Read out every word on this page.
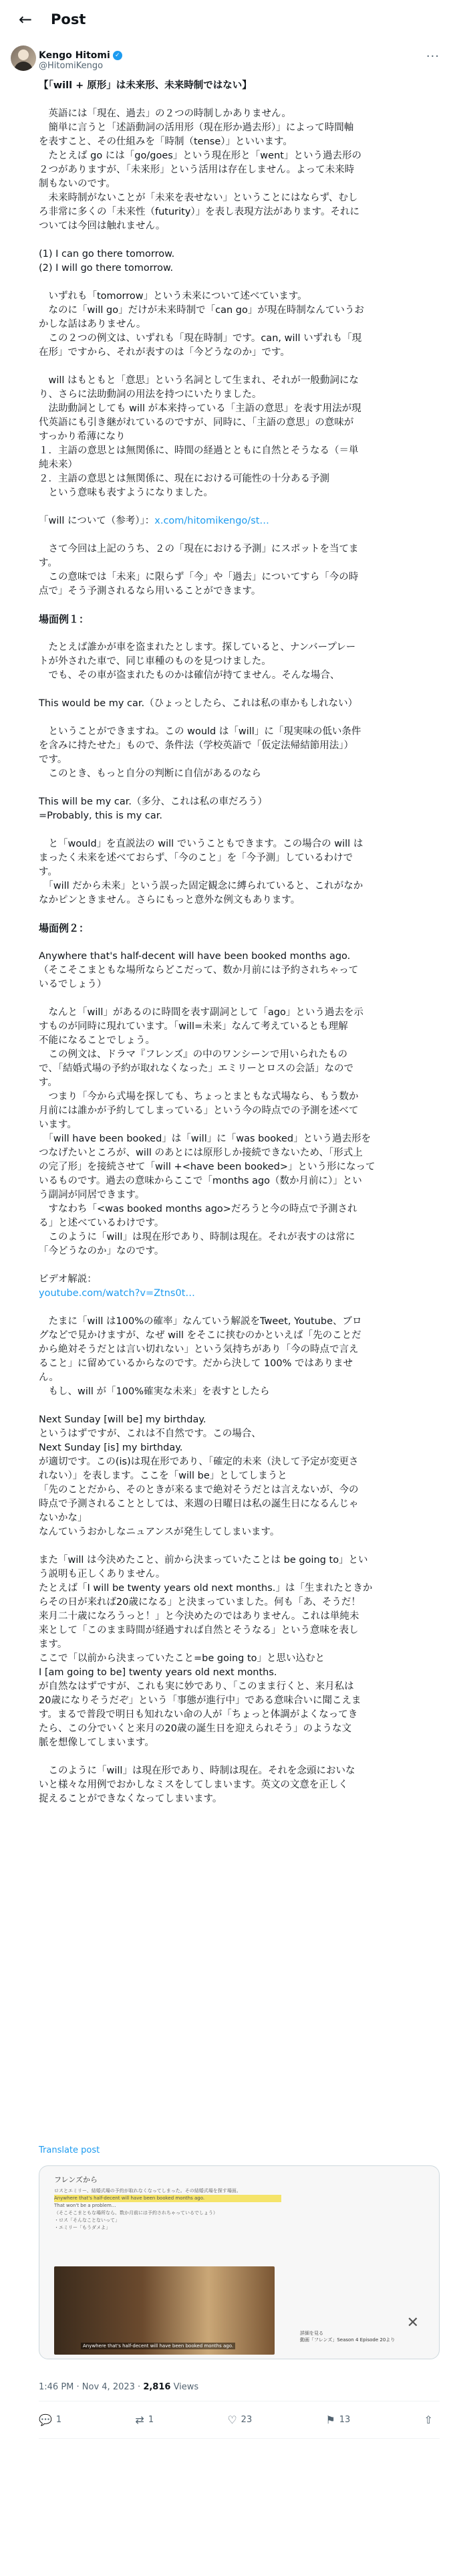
← Post
Kengo Hitomi ✓
@HitomiKengo
···
【「will + 原形」は未来形、未来時制ではない】
　英語には「現在、過去」の２つの時制しかありません。
　簡単に言うと「述語動詞の活用形（現在形か過去形）」によって時間軸
を表すこと、その仕組みを「時制（tense）」といいます。
　たとえば go には「go/goes」という現在形と「went」という過去形の
２つがありますが、「未来形」という活用は存在しません。よって未来時
制もないのです。
　未来時制がないことが「未来を表せない」ということにはならず、むし
ろ非常に多くの「未来性（futurity）」を表し表現方法があります。それに
ついては今回は触れません。
(1) I can go there tomorrow.
(2) I will go there tomorrow.
　いずれも「tomorrow」という未来について述べています。
　なのに「will go」だけが未来時制で「can go」が現在時制なんていうお
かしな話はありません。
　この２つの例文は、いずれも「現在時制」です。can, will いずれも「現
在形」ですから、それが表すのは「今どうなのか」です。
　will はもともと「意思」という名詞として生まれ、それが一般動詞にな
り、さらに法助動詞の用法を持つにいたりました。
　法助動詞としても will が本来持っている「主語の意思」を表す用法が現
代英語にも引き継がれているのですが、同時に、「主語の意思」の意味が
すっかり希薄になり
１．主語の意思とは無関係に、時間の経過とともに自然とそうなる（＝単
純未来）
２．主語の意思とは無関係に、現在における可能性の十分ある予測
　という意味も表すようになりました。
「will について（参考）」：x.com/hitomikengo/st…
　さて今回は上記のうち、２の「現在における予測」にスポットを当てま
す。
　この意味では「未来」に限らず「今」や「過去」についてすら「今の時
点で」そう予測されるなら用いることができます。
場面例１：
　たとえば誰かが車を盗まれたとします。探していると、ナンバープレー
トが外された車で、同じ車種のものを見つけました。
　でも、その車が盗まれたものかは確信が持てません。そんな場合、
This would be my car.（ひょっとしたら、これは私の車かもしれない）
　ということができますね。この would は「will」に「現実味の低い条件
を含みに持たせた」もので、条件法（学校英語で「仮定法帰結節用法」）
です。
　このとき、もっと自分の判断に自信があるのなら
This will be my car.（多分、これは私の車だろう）
=Probably, this is my car.
　と「would」を直説法の will でいうこともできます。この場合の will は
まったく未来を述べておらず、「今のこと」を「今予測」しているわけで
す。
　「will だから未来」という誤った固定観念に縛られていると、これがなか
なかピンときません。さらにもっと意外な例文もあります。
場面例２：
Anywhere that's half-decent will have been booked months ago.
（そこそこまともな場所ならどこだって、数か月前には予約されちゃって
いるでしょう）
　なんと「will」があるのに時間を表す副詞として「ago」という過去を示
すものが同時に現れています。「will=未来」なんて考えているとも理解
不能になることでしょう。
　この例文は、ドラマ『フレンズ』の中のワンシーンで用いられたもの
で、「結婚式場の予約が取れなくなった」エミリーとロスの会話」なので
す。
　つまり「今から式場を探しても、ちょっとまともな式場なら、もう数か
月前には誰かが予約してしまっている」という今の時点での予測を述べて
います。
　「will have been booked」は「will」に「was booked」という過去形を
つなげたいところが、will のあとには原形しか接続できないため、「形式上
の完了形」を接続させて「will +<have been booked>」という形になって
いるものです。過去の意味からここで「months ago（数か月前に）」とい
う副詞が同居できます。
　すなわち「<was booked months ago>だろうと今の時点で予測され
る」と述べているわけです。
　このように「will」は現在形であり、時制は現在。それが表すのは常に
「今どうなのか」なのです。
ビデオ解説：
youtube.com/watch?v=Ztns0t…
　たまに「will は100%の確率」なんていう解説をTweet, Youtube、ブロ
グなどで見かけますが、なぜ will をそこに挟むのかといえば「先のことだ
から絶対そうだとは言い切れない」という気持ちがあり「今の時点で言え
ること」に留めているからなのです。だから決して 100% ではありませ
ん。
　もし、will が「100%確実な未来」を表すとしたら
Next Sunday [will be] my birthday.
というはずですが、これは不自然です。この場合、
Next Sunday [is] my birthday.
が適切です。この(is)は現在形であり、「確定的未来（決して予定が変更さ
れない）」を表します。ここを「will be」としてしまうと
「先のことだから、そのときが来るまで絶対そうだとは言えないが、今の
時点で予測されることとしては、来週の日曜日は私の誕生日になるんじゃ
ないかな」
なんていうおかしなニュアンスが発生してしまいます。
また「will は今決めたこと、前から決まっていたことは be going to」とい
う説明も正しくありません。
たとえば「I will be twenty years old next months.」は「生まれたときか
らその日が来れば20歳になる」と決まっていました。何も「あ、そうだ！
来月二十歳になろうっと！」と今決めたのではありません。これは単純未
来として「このまま時間が経過すれば自然とそうなる」という意味を表し
ます。
ここで「以前から決まっていたこと=be going to」と思い込むと
I [am going to be] twenty years old next months.
が自然なはずですが、これも実に妙であり、「このまま行くと、来月私は
20歳になりそうだぞ」という「事態が進行中」である意味合いに聞こえま
す。まるで普段で明日も知れない命の人が「ちょっと体調がよくなってき
たら、この分でいくと来月の20歳の誕生日を迎えられそう」のような文
脈を想像してしまいます。
　このように「will」は現在形であり、時制は現在。それを念頭においな
いと様々な用例でおかしなミスをしてしまいます。英文の文意を正しく
捉えることができなくなってしまいます。
Translate post
フレンズから
ロスとエミリー、結婚式場の予約が取れなくなってしまった。その結婚式場を探す場面。
Anywhere that's half-decent will have been booked months ago.
That won't be a problem...
（そこそこまともな場所なら、数か月前には予約されちゃっているでしょう）
・ロス「そんなことないって」
・エミリー「もうダメよ」
Anywhere that's half-decent will have been booked months ago.
✕
詳細を見る
動画「フレンズ」Season 4 Episode 20より
1:46 PM · Nov 4, 2023 · 2,816 Views
💬 1	⇄ 1	♡ 23	⚑ 13	⇧
